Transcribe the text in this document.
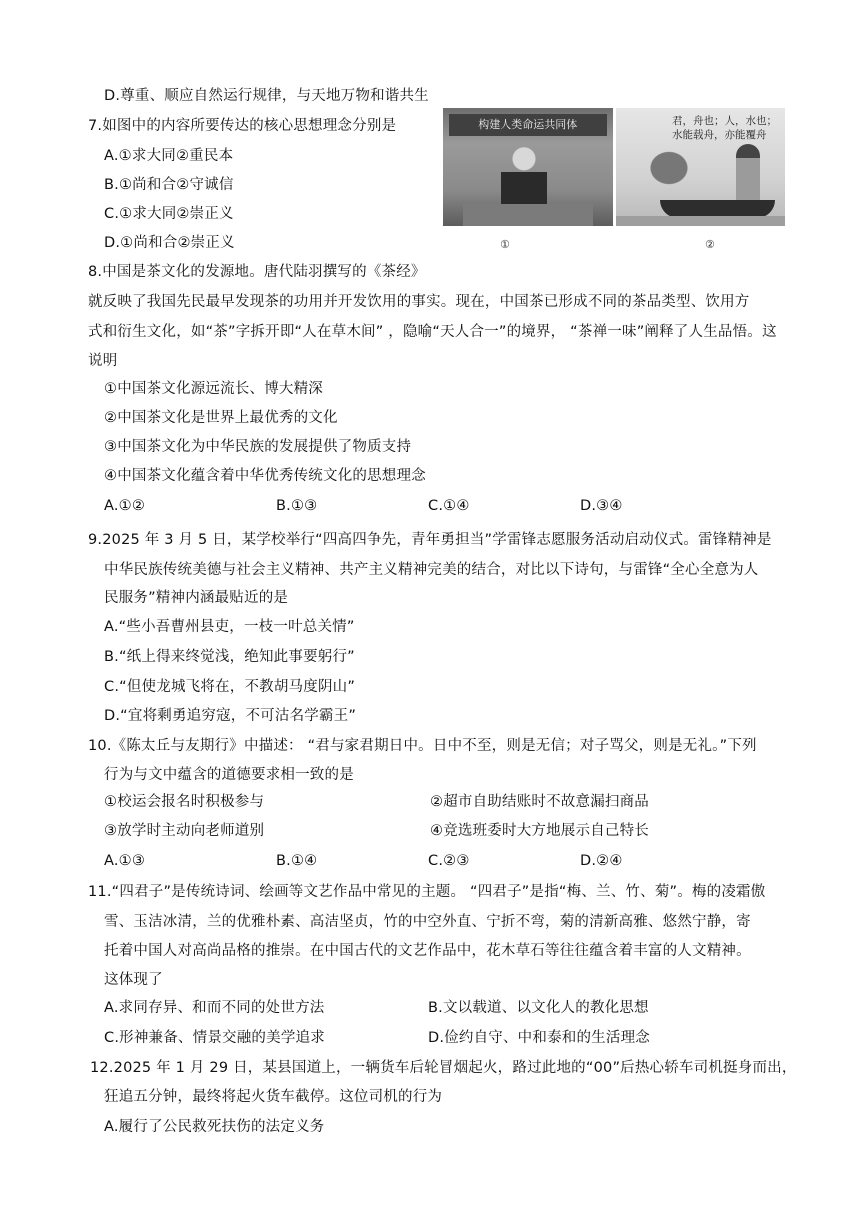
D.尊重、顺应自然运行规律，与天地万物和谐共生
7.如图中的内容所要传达的核心思想理念分别是
A.①求大同②重民本
B.①尚和合②守诚信
C.①求大同②崇正义
D.①尚和合②崇正义
8.中国是茶文化的发源地。唐代陆羽撰写的《茶经》
就反映了我国先民最早发现茶的功用并开发饮用的事实。现在，中国茶已形成不同的茶品类型、饮用方
式和衍生文化，如“茶”字拆开即“人在草木间” ，隐喻“天人合一”的境界， “茶禅一味”阐释了人生品悟。这
说明
①中国茶文化源远流长、博大精深
②中国茶文化是世界上最优秀的文化
③中国茶文化为中华民族的发展提供了物质支持
④中国茶文化蕴含着中华优秀传统文化的思想理念
A.①②	B.①③	C.①④	D.③④
9.2025 年 3 月 5 日，某学校举行“四高四争先，青年勇担当”学雷锋志愿服务活动启动仪式。雷锋精神是
中华民族传统美德与社会主义精神、共产主义精神完美的结合，对比以下诗句，与雷锋“全心全意为人
民服务”精神内涵最贴近的是
A.“些小吾曹州县吏，一枝一叶总关情”
B.“纸上得来终觉浅，绝知此事要躬行”
C.“但使龙城飞将在，不教胡马度阴山”
D.“宜将剩勇追穷寇，不可沽名学霸王”
10.《陈太丘与友期行》中描述： “君与家君期日中。日中不至，则是无信；对子骂父，则是无礼。”下列
行为与文中蕴含的道德要求相一致的是
①校运会报名时积极参与	②超市自助结账时不故意漏扫商品
③放学时主动向老师道别	④竞选班委时大方地展示自己特长
A.①③	B.①④	C.②③	D.②④
11.“四君子”是传统诗词、绘画等文艺作品中常见的主题。 “四君子”是指“梅、兰、竹、菊”。梅的凌霜傲
雪、玉洁冰清，兰的优雅朴素、高洁坚贞，竹的中空外直、宁折不弯，菊的清新高雅、悠然宁静，寄
托着中国人对高尚品格的推崇。在中国古代的文艺作品中，花木草石等往往蕴含着丰富的人文精神。
这体现了
A.求同存异、和而不同的处世方法	B.文以载道、以文化人的教化思想
C.形神兼备、情景交融的美学追求	D.俭约自守、中和泰和的生活理念
12.2025 年 1 月 29 日，某县国道上，一辆货车后轮冒烟起火，路过此地的“00”后热心轿车司机挺身而出，
狂追五分钟，最终将起火货车截停。这位司机的行为
A.履行了公民救死扶伤的法定义务
构建人类命运共同体	君，舟也；人，水也；
水能载舟，亦能覆舟
①	②
